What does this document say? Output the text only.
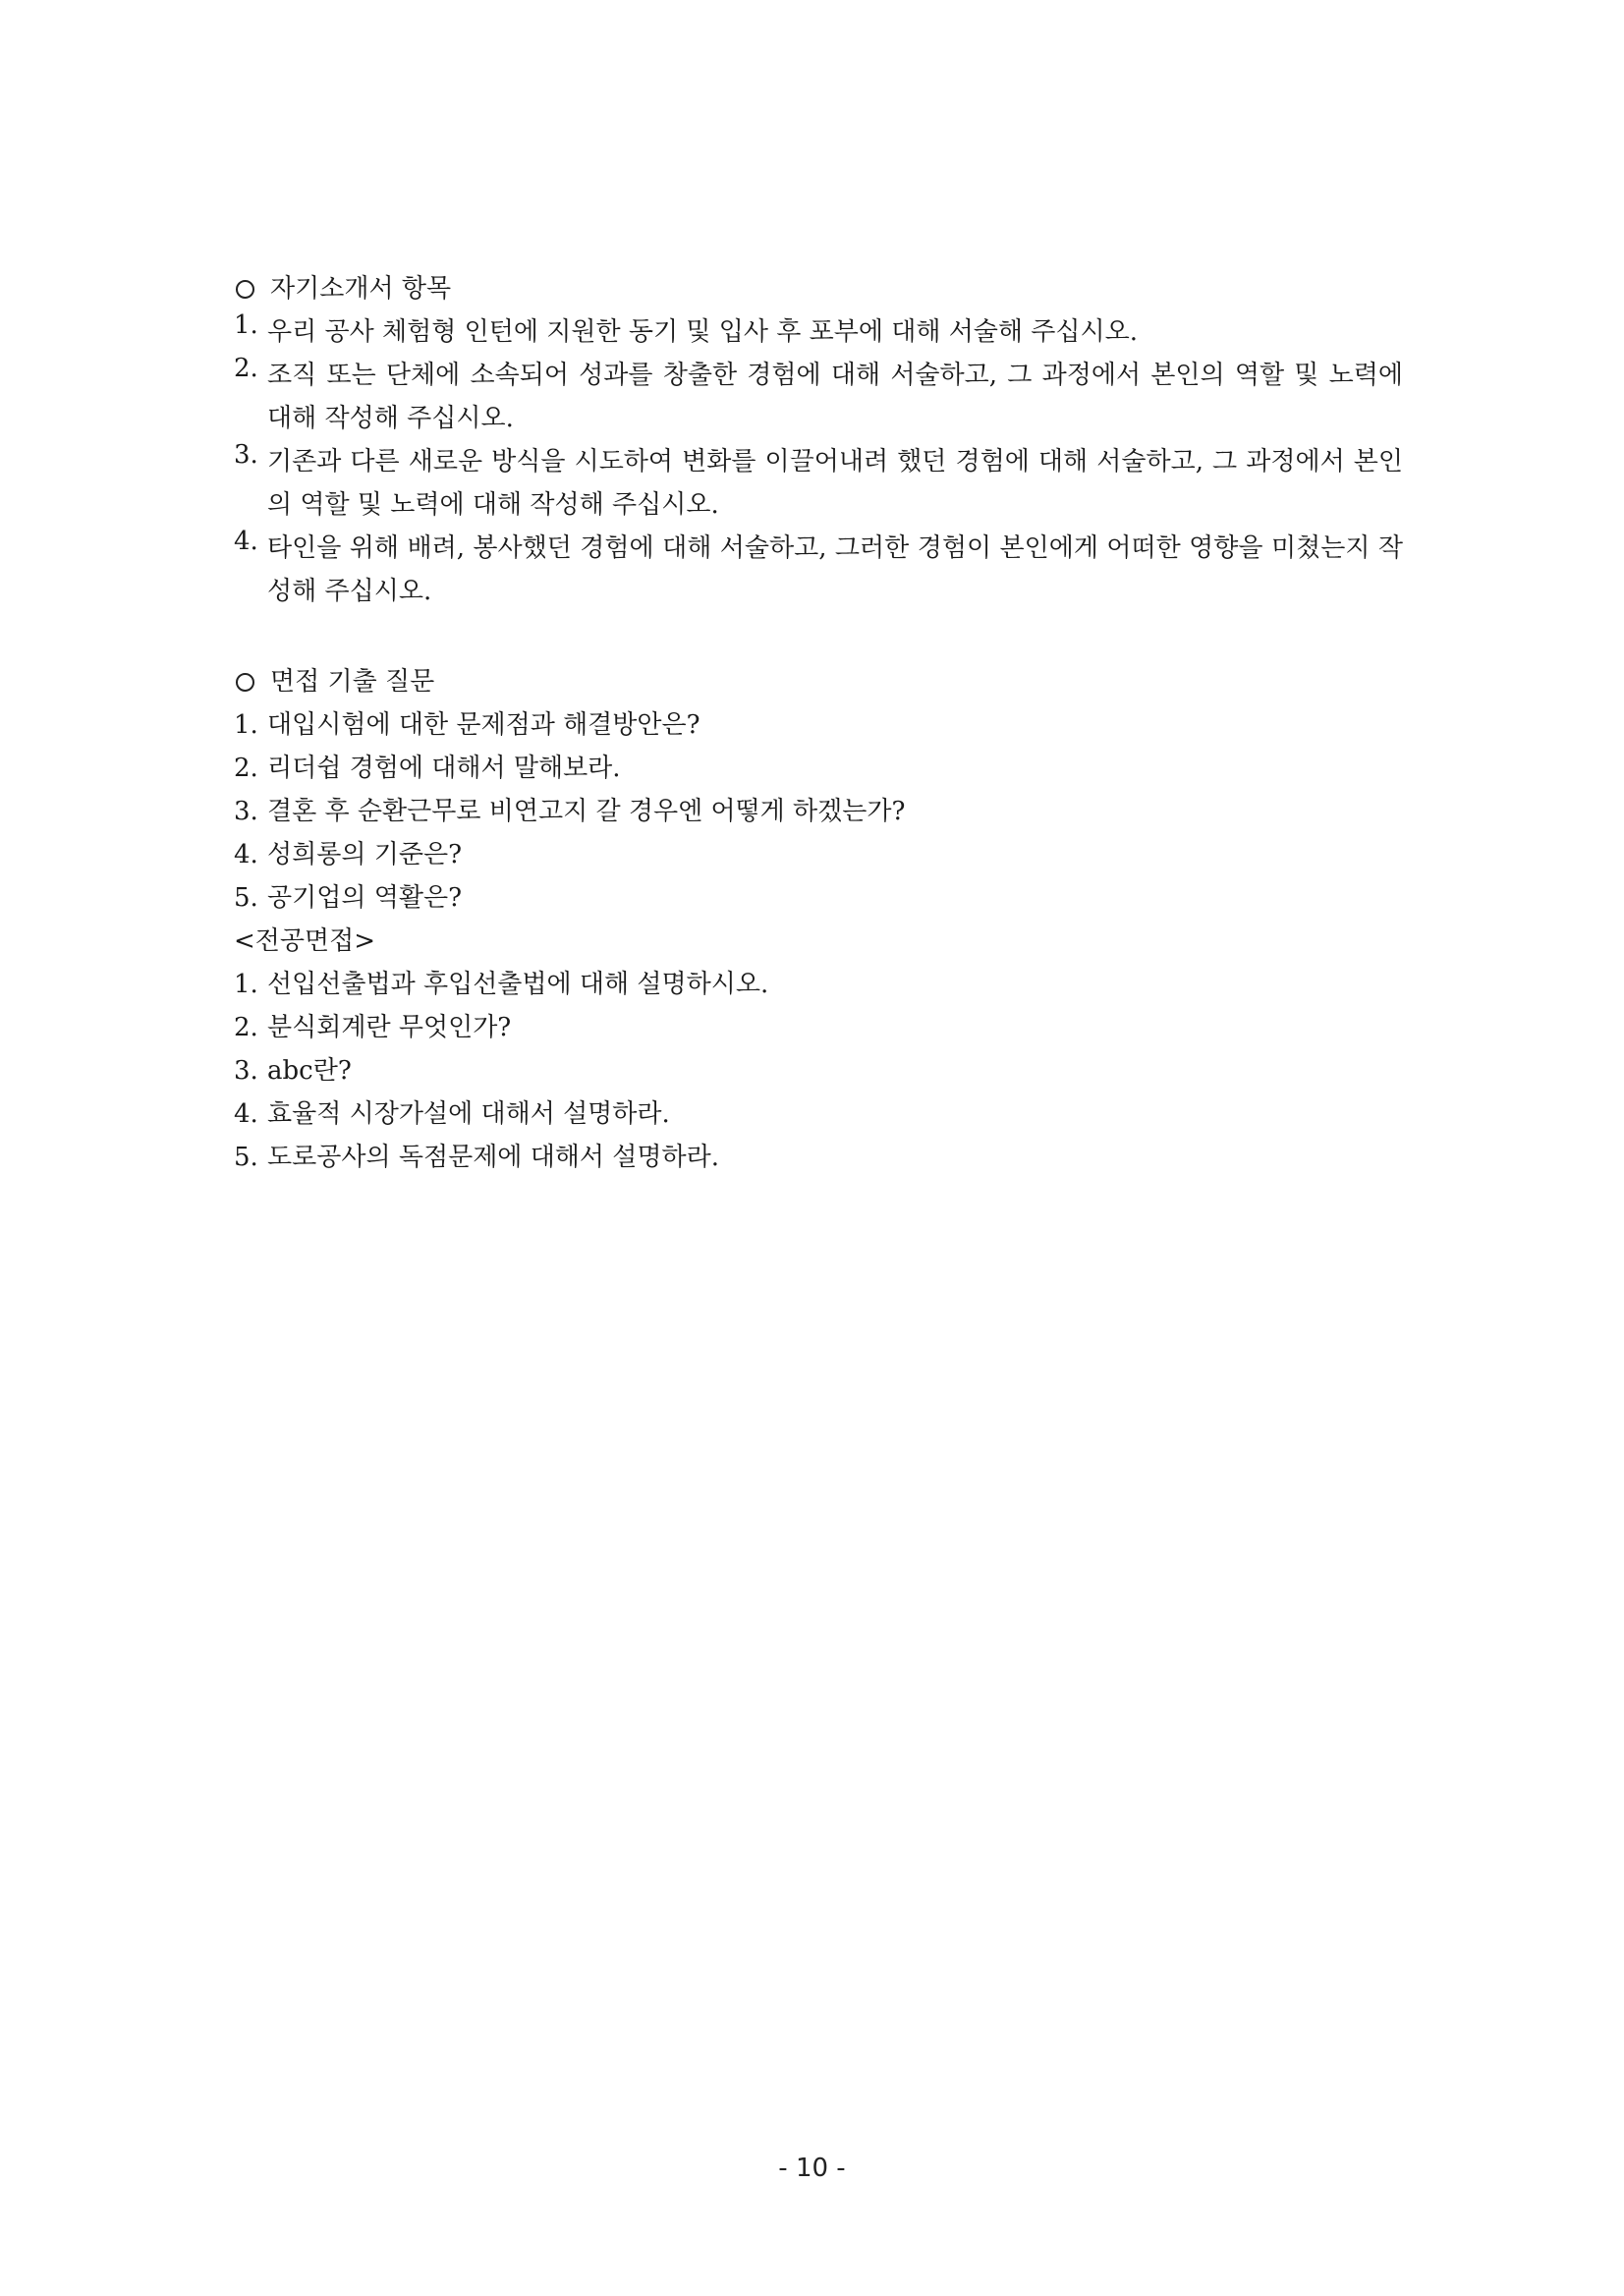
자기소개서 항목
1. 우리 공사 체험형 인턴에 지원한 동기 및 입사 후 포부에 대해 서술해 주십시오.
2. 조직 또는 단체에 소속되어 성과를 창출한 경험에 대해 서술하고, 그 과정에서 본인의 역할 및 노력에 대해 작성해 주십시오.
3. 기존과 다른 새로운 방식을 시도하여 변화를 이끌어내려 했던 경험에 대해 서술하고, 그 과정에서 본인의 역할 및 노력에 대해 작성해 주십시오.
4. 타인을 위해 배려, 봉사했던 경험에 대해 서술하고, 그러한 경험이 본인에게 어떠한 영향을 미쳤는지 작성해 주십시오.
면접 기출 질문
1. 대입시험에 대한 문제점과 해결방안은?
2. 리더쉽 경험에 대해서 말해보라.
3. 결혼 후 순환근무로 비연고지 갈 경우엔 어떻게 하겠는가?
4. 성희롱의 기준은?
5. 공기업의 역활은?
<전공면접>
1. 선입선출법과 후입선출법에 대해 설명하시오.
2. 분식회계란 무엇인가?
3. abc란?
4. 효율적 시장가설에 대해서 설명하라.
5. 도로공사의 독점문제에 대해서 설명하라.
- 10 -
